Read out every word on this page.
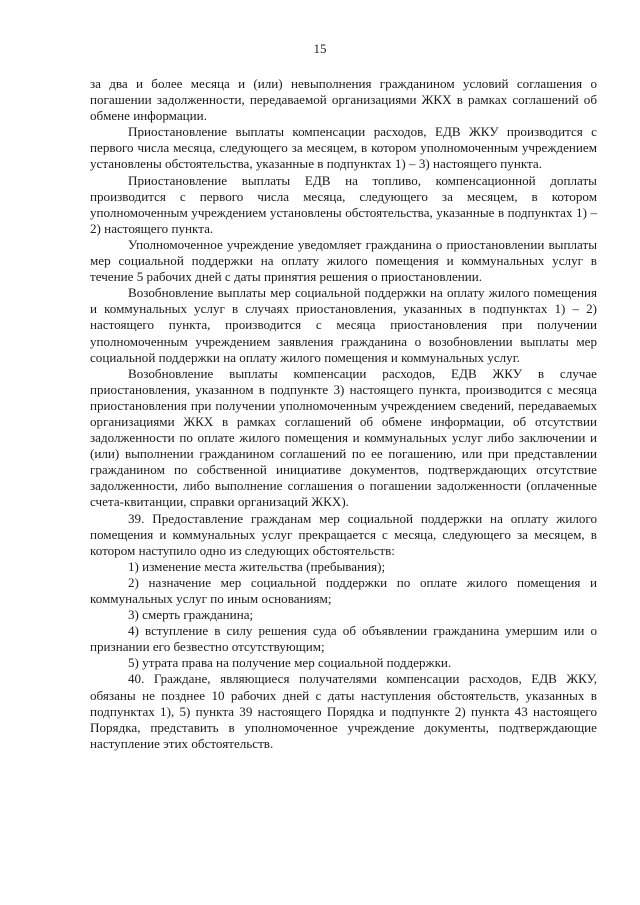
15

за два и более месяца и (или) невыполнения гражданином условий соглашения о погашении задолженности, передаваемой организациями ЖКХ в рамках соглашений об обмене информации.

Приостановление выплаты компенсации расходов, ЕДВ ЖКУ производится с первого числа месяца, следующего за месяцем, в котором уполномоченным учреждением установлены обстоятельства, указанные в подпунктах 1) – 3) настоящего пункта.

Приостановление выплаты ЕДВ на топливо, компенсационной доплаты производится с первого числа месяца, следующего за месяцем, в котором уполномоченным учреждением установлены обстоятельства, указанные в подпунктах 1) – 2) настоящего пункта.

Уполномоченное учреждение уведомляет гражданина о приостановлении выплаты мер социальной поддержки на оплату жилого помещения и коммунальных услуг в течение 5 рабочих дней с даты принятия решения о приостановлении.

Возобновление выплаты мер социальной поддержки на оплату жилого помещения и коммунальных услуг в случаях приостановления, указанных в подпунктах 1) – 2) настоящего пункта, производится с месяца приостановления при получении уполномоченным учреждением заявления гражданина о возобновлении выплаты мер социальной поддержки на оплату жилого помещения и коммунальных услуг.

Возобновление выплаты компенсации расходов, ЕДВ ЖКУ в случае приостановления, указанном в подпункте 3) настоящего пункта, производится с месяца приостановления при получении уполномоченным учреждением сведений, передаваемых организациями ЖКХ в рамках соглашений об обмене информации, об отсутствии задолженности по оплате жилого помещения и коммунальных услуг либо заключении и (или) выполнении гражданином соглашений по ее погашению, или при представлении гражданином по собственной инициативе документов, подтверждающих отсутствие задолженности, либо выполнение соглашения о погашении задолженности (оплаченные счета-квитанции, справки организаций ЖКХ).

39. Предоставление гражданам мер социальной поддержки на оплату жилого помещения и коммунальных услуг прекращается с месяца, следующего за месяцем, в котором наступило одно из следующих обстоятельств:

1) изменение места жительства (пребывания);

2) назначение мер социальной поддержки по оплате жилого помещения и коммунальных услуг по иным основаниям;

3) смерть гражданина;

4) вступление в силу решения суда об объявлении гражданина умершим или о признании его безвестно отсутствующим;

5) утрата права на получение мер социальной поддержки.

40. Граждане, являющиеся получателями компенсации расходов, ЕДВ ЖКУ, обязаны не позднее 10 рабочих дней с даты наступления обстоятельств, указанных в подпунктах 1), 5) пункта 39 настоящего Порядка и подпункте 2) пункта 43 настоящего Порядка, представить в уполномоченное учреждение документы, подтверждающие наступление этих обстоятельств.
